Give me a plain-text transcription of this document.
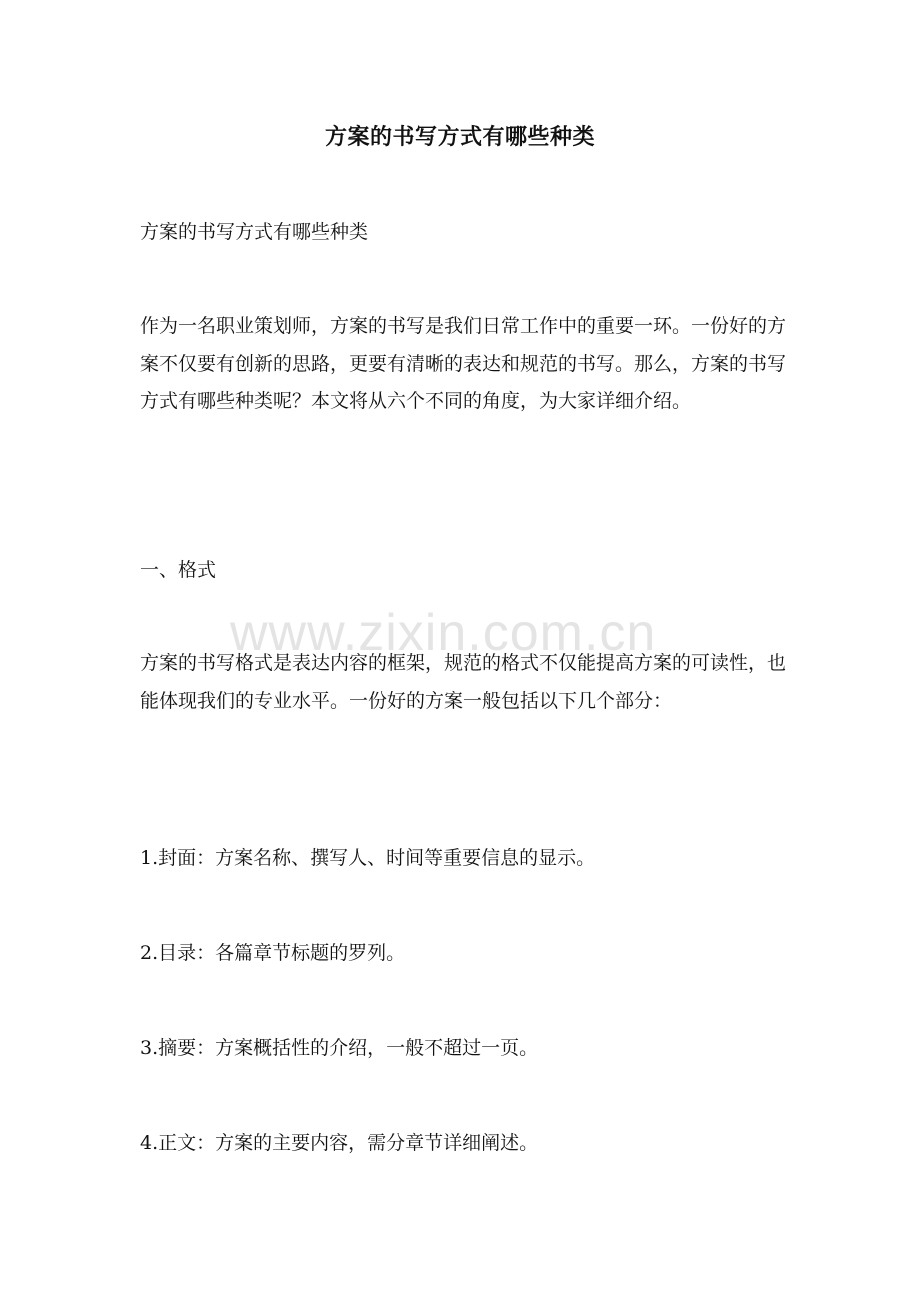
方案的书写方式有哪些种类

方案的书写方式有哪些种类

作为一名职业策划师，方案的书写是我们日常工作中的重要一环。一份好的方案不仅要有创新的思路，更要有清晰的表达和规范的书写。那么，方案的书写方式有哪些种类呢？本文将从六个不同的角度，为大家详细介绍。

一、格式

方案的书写格式是表达内容的框架，规范的格式不仅能提高方案的可读性，也能体现我们的专业水平。一份好的方案一般包括以下几个部分：

1.封面：方案名称、撰写人、时间等重要信息的显示。

2.目录：各篇章节标题的罗列。

3.摘要：方案概括性的介绍，一般不超过一页。

4.正文：方案的主要内容，需分章节详细阐述。

www.zixin.com.cn
